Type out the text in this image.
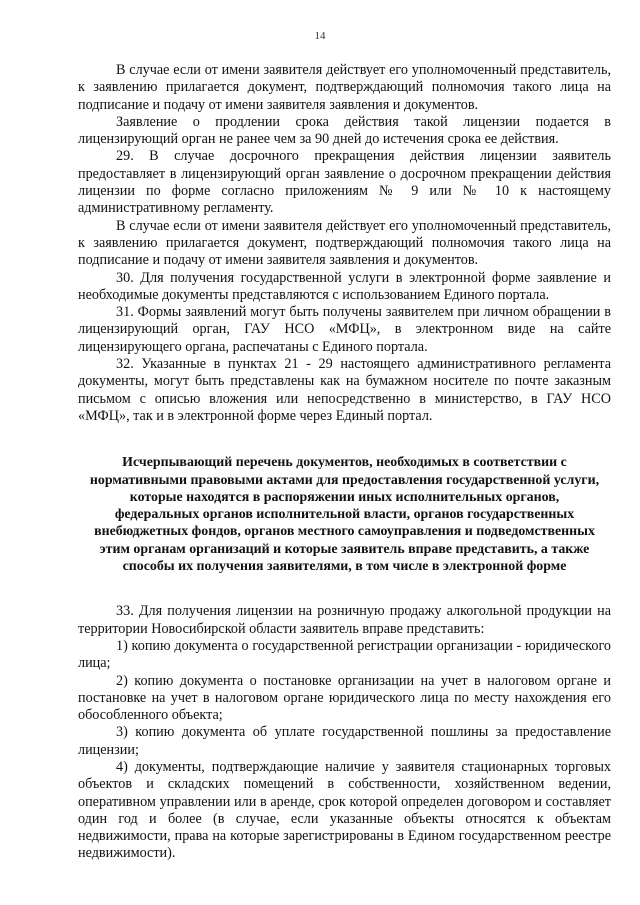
14

В случае если от имени заявителя действует его уполномоченный представитель, к заявлению прилагается документ, подтверждающий полномочия такого лица на подписание и подачу от имени заявителя заявления и документов.

Заявление о продлении срока действия такой лицензии подается в лицензирующий орган не ранее чем за 90 дней до истечения срока ее действия.

29. В случае досрочного прекращения действия лицензии заявитель предоставляет в лицензирующий орган заявление о досрочном прекращении действия лицензии по форме согласно приложениям № 9 или № 10 к настоящему административному регламенту.

В случае если от имени заявителя действует его уполномоченный представитель, к заявлению прилагается документ, подтверждающий полномочия такого лица на подписание и подачу от имени заявителя заявления и документов.

30. Для получения государственной услуги в электронной форме заявление и необходимые документы представляются с использованием Единого портала.

31. Формы заявлений могут быть получены заявителем при личном обращении в лицензирующий орган, ГАУ НСО «МФЦ», в электронном виде на сайте лицензирующего органа, распечатаны с Единого портала.

32. Указанные в пунктах 21 - 29 настоящего административного регламента документы, могут быть представлены как на бумажном носителе по почте заказным письмом с описью вложения или непосредственно в министерство, в ГАУ НСО «МФЦ», так и в электронной форме через Единый портал.

Исчерпывающий перечень документов, необходимых в соответствии с нормативными правовыми актами для предоставления государственной услуги, которые находятся в распоряжении иных исполнительных органов, федеральных органов исполнительной власти, органов государственных внебюджетных фондов, органов местного самоуправления и подведомственных этим органам организаций и которые заявитель вправе представить, а также способы их получения заявителями, в том числе в электронной форме

33. Для получения лицензии на розничную продажу алкогольной продукции на территории Новосибирской области заявитель вправе представить:

1) копию документа о государственной регистрации организации - юридического лица;

2) копию документа о постановке организации на учет в налоговом органе и постановке на учет в налоговом органе юридического лица по месту нахождения его обособленного объекта;

3) копию документа об уплате государственной пошлины за предоставление лицензии;

4) документы, подтверждающие наличие у заявителя стационарных торговых объектов и складских помещений в собственности, хозяйственном ведении, оперативном управлении или в аренде, срок которой определен договором и составляет один год и более (в случае, если указанные объекты относятся к объектам недвижимости, права на которые зарегистрированы в Едином государственном реестре недвижимости).
